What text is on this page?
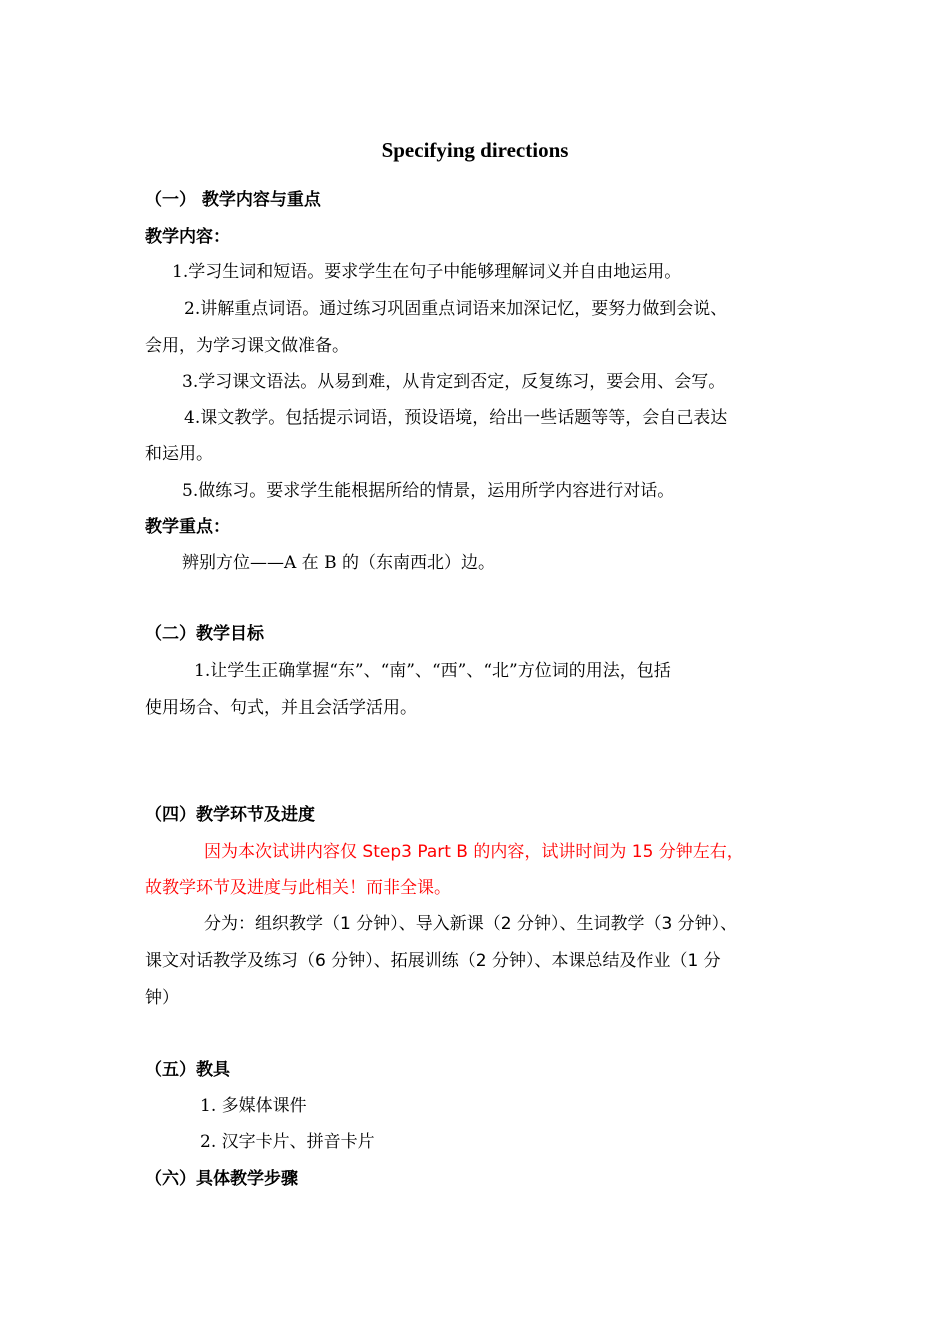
Specifying directions
（一） 教学内容与重点
教学内容：
1.学习生词和短语。要求学生在句子中能够理解词义并自由地运用。
2.讲解重点词语。通过练习巩固重点词语来加深记忆，要努力做到会说、
会用，为学习课文做准备。
3.学习课文语法。从易到难，从肯定到否定，反复练习，要会用、会写。
4.课文教学。包括提示词语，预设语境，给出一些话题等等，会自己表达
和运用。
5.做练习。要求学生能根据所给的情景，运用所学内容进行对话。
教学重点：
辨别方位——A 在 B 的（东南西北）边。
（二）教学目标
1.让学生正确掌握“东”、“南”、“西”、“北”方位词的用法，包括
使用场合、句式，并且会活学活用。
（四）教学环节及进度
因为本次试讲内容仅 Step3 Part B 的内容，试讲时间为 15 分钟左右，
故教学环节及进度与此相关！而非全课。
分为：组织教学（1 分钟）、导入新课（2 分钟）、生词教学（3 分钟）、
课文对话教学及练习（6 分钟）、拓展训练（2 分钟）、本课总结及作业（1 分
钟）
（五）教具
1. 多媒体课件
2. 汉字卡片、拼音卡片
（六）具体教学步骤
